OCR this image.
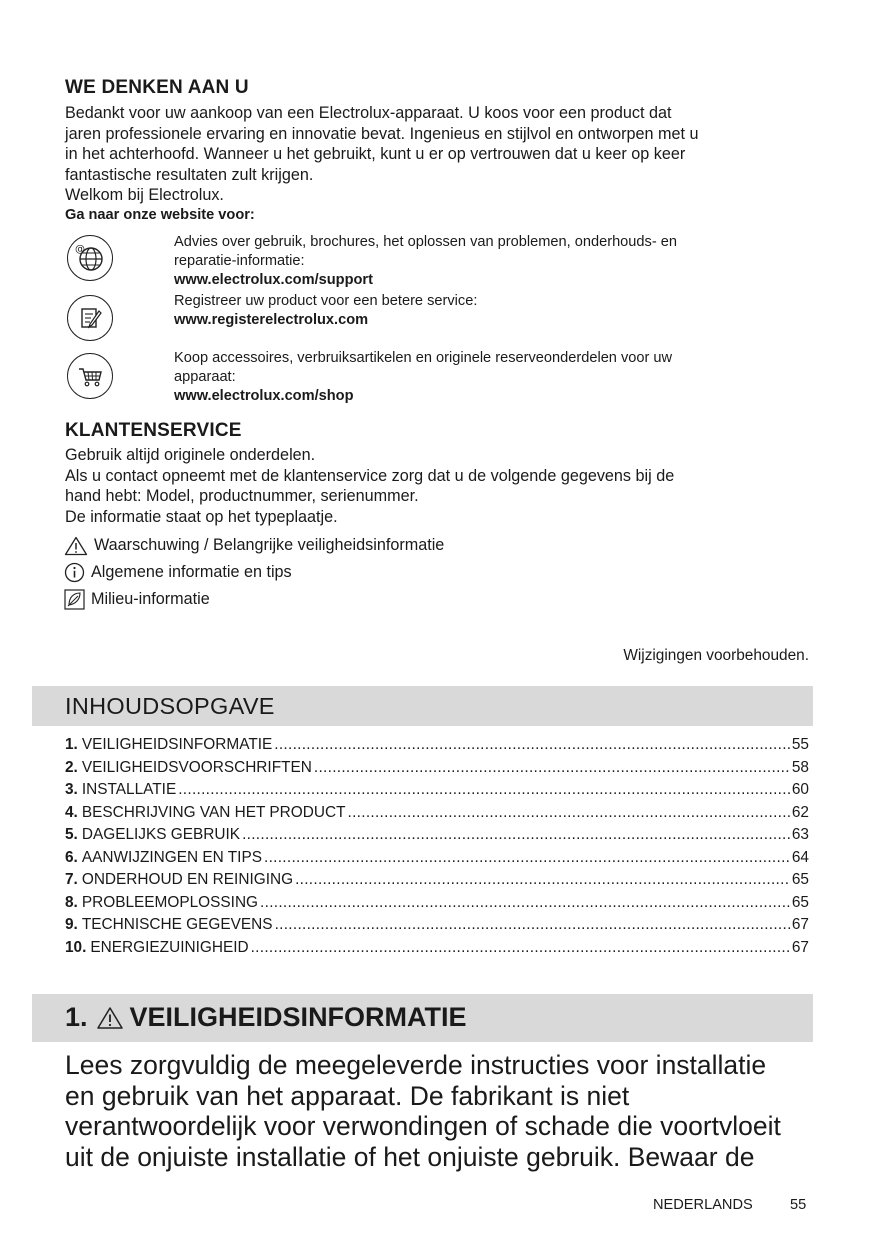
WE DENKEN AAN U
Bedankt voor uw aankoop van een Electrolux-apparaat. U koos voor een product dat
jaren professionele ervaring en innovatie bevat. Ingenieus en stijlvol en ontworpen met u
in het achterhoofd. Wanneer u het gebruikt, kunt u er op vertrouwen dat u keer op keer
fantastische resultaten zult krijgen.
Welkom bij Electrolux.
Ga naar onze website voor:
@	Advies over gebruik, brochures, het oplossen van problemen, onderhouds- en
reparatie-informatie:
www.electrolux.com/support
Registreer uw product voor een betere service:
www.registerelectrolux.com
Koop accessoires, verbruiksartikelen en originele reserveonderdelen voor uw
apparaat:
www.electrolux.com/shop
KLANTENSERVICE
Gebruik altijd originele onderdelen.
Als u contact opneemt met de klantenservice zorg dat u de volgende gegevens bij de
hand hebt: Model, productnummer, serienummer.
De informatie staat op het typeplaatje.
Waarschuwing / Belangrijke veiligheidsinformatie
Algemene informatie en tips
Milieu-informatie
Wijzigingen voorbehouden.
INHOUDSOPGAVE
1. VEILIGHEIDSINFORMATIE .....	55
2. VEILIGHEIDSVOORSCHRIFTEN .....	58
3. INSTALLATIE .....	60
4. BESCHRIJVING VAN HET PRODUCT .....	62
5. DAGELIJKS GEBRUIK .....	63
6. AANWIJZINGEN EN TIPS .....	64
7. ONDERHOUD EN REINIGING .....	65
8. PROBLEEMOPLOSSING .....	65
9. TECHNISCHE GEGEVENS .....	67
10. ENERGIEZUINIGHEID .....	67
1. VEILIGHEIDSINFORMATIE
Lees zorgvuldig de meegeleverde instructies voor installatie
en gebruik van het apparaat. De fabrikant is niet
verantwoordelijk voor verwondingen of schade die voortvloeit
uit de onjuiste installatie of het onjuiste gebruik. Bewaar de
NEDERLANDS	55
